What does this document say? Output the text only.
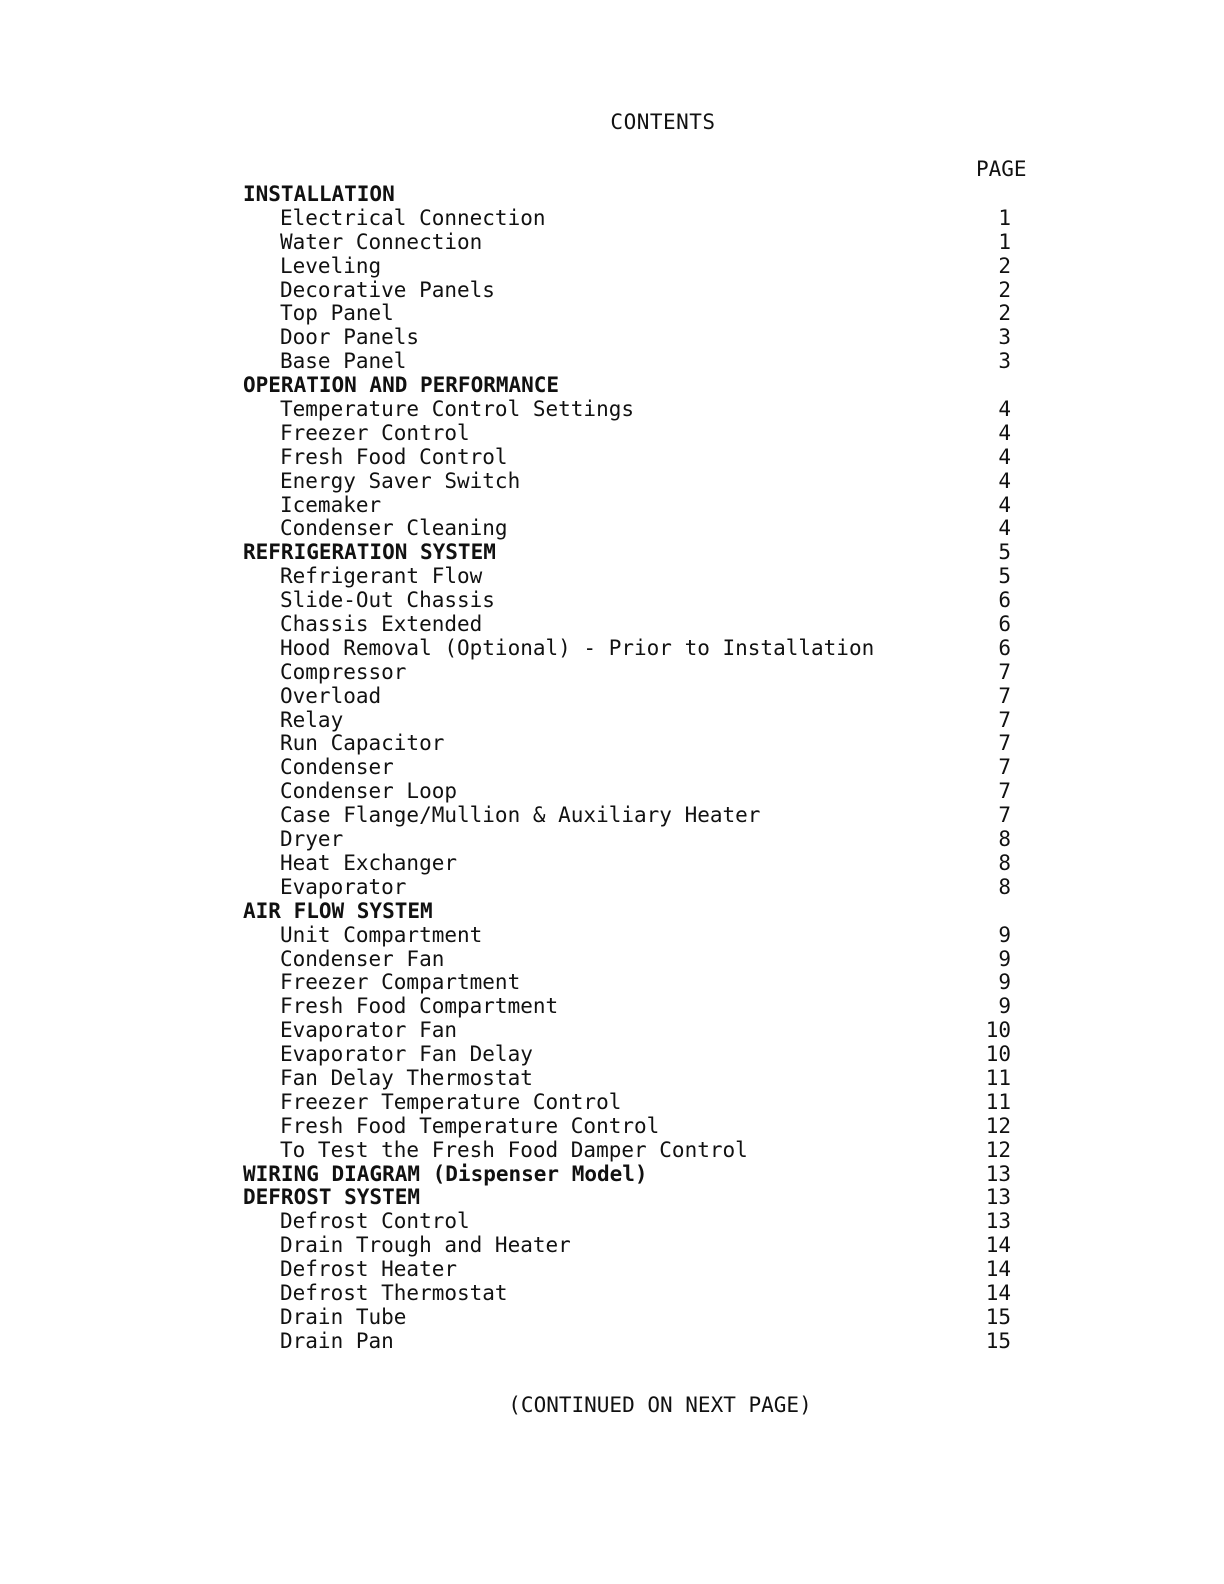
CONTENTS
PAGE
INSTALLATION
Electrical Connection	1
Water Connection	1
Leveling	2
Decorative Panels	2
Top Panel	2
Door Panels	3
Base Panel	3
OPERATION AND PERFORMANCE
Temperature Control Settings	4
Freezer Control	4
Fresh Food Control	4
Energy Saver Switch	4
Icemaker	4
Condenser Cleaning	4
REFRIGERATION SYSTEM	5
Refrigerant Flow	5
Slide-Out Chassis	6
Chassis Extended	6
Hood Removal (Optional) - Prior to Installation	6
Compressor	7
Overload	7
Relay	7
Run Capacitor	7
Condenser	7
Condenser Loop	7
Case Flange/Mullion & Auxiliary Heater	7
Dryer	8
Heat Exchanger	8
Evaporator	8
AIR FLOW SYSTEM
Unit Compartment	9
Condenser Fan	9
Freezer Compartment	9
Fresh Food Compartment	9
Evaporator Fan	10
Evaporator Fan Delay	10
Fan Delay Thermostat	11
Freezer Temperature Control	11
Fresh Food Temperature Control	12
To Test the Fresh Food Damper Control	12
WIRING DIAGRAM (Dispenser Model)	13
DEFROST SYSTEM	13
Defrost Control	13
Drain Trough and Heater	14
Defrost Heater	14
Defrost Thermostat	14
Drain Tube	15
Drain Pan	15
(CONTINUED ON NEXT PAGE)
